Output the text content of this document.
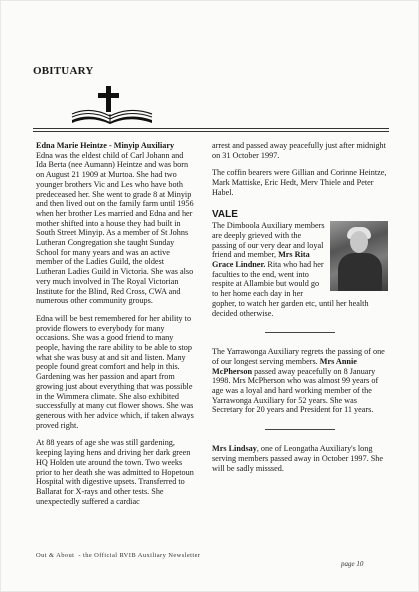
OBITUARY

Edna Marie Heintze - Minyip Auxiliary
Edna was the eldest child of Carl Johann and Ida Berta (nee Aumann) Heintze and was born on August 21 1909 at Murtoa. She had two younger brothers Vic and Les who have both predeceased her. She went to grade 8 at Minyip and then lived out on the family farm until 1956 when her brother Les married and Edna and her mother shifted into a house they had built in South Street Minyip. As a member of St Johns Lutheran Congregation she taught Sunday School for many years and was an active member of the Ladies Guild, the oldest Lutheran Ladies Guild in Victoria. She was also very much involved in The Royal Victorian Institute for the Blind, Red Cross, CWA and numerous other community groups.

Edna will be best remembered for her ability to provide flowers to everybody for many occasions. She was a good friend to many people, having the rare ability to be able to stop what she was busy at and sit and listen. Many people found great comfort and help in this. Gardening was her passion and apart from growing just about everything that was possible in the Wimmera climate. She also exhibited successfully at many cut flower shows. She was generous with her advice which, if taken always proved right.

At 88 years of age she was still gardening, keeping laying hens and driving her dark green HQ Holden ute around the town. Two weeks prior to her death she was admitted to Hopetoun Hospital with digestive upsets. Transferred to Ballarat for X-rays and other tests. She unexpectedly suffered a cardiac

arrest and passed away peacefully just after midnight on 31 October 1997.

The coffin bearers were Gillian and Corinne Heintze, Mark Mattiske, Eric Hedt, Merv Thiele and Peter Habel.

VALE

The Dimboola Auxiliary members are deeply grieved with the passing of our very dear and loyal friend and member, Mrs Rita Grace Lindner. Rita who had her faculties to the end, went into respite at Allambie but would go to her home each day in her gopher, to watch her garden etc, until her health decided otherwise.

The Yarrawonga Auxiliary regrets the passing of one of our longest serving members. Mrs Annie McPherson passed away peacefully on 8 January 1998. Mrs McPherson who was almost 99 years of age was a loyal and hard working member of the Yarrawonga Auxiliary for 52 years. She was Secretary for 20 years and President for 11 years.

Mrs Lindsay, one of Leongatha Auxiliary's long serving members passed away in October 1997. She will be sadly misssed.

Out & About  - the Official RVIB Auxiliary Newsletter
page 10
